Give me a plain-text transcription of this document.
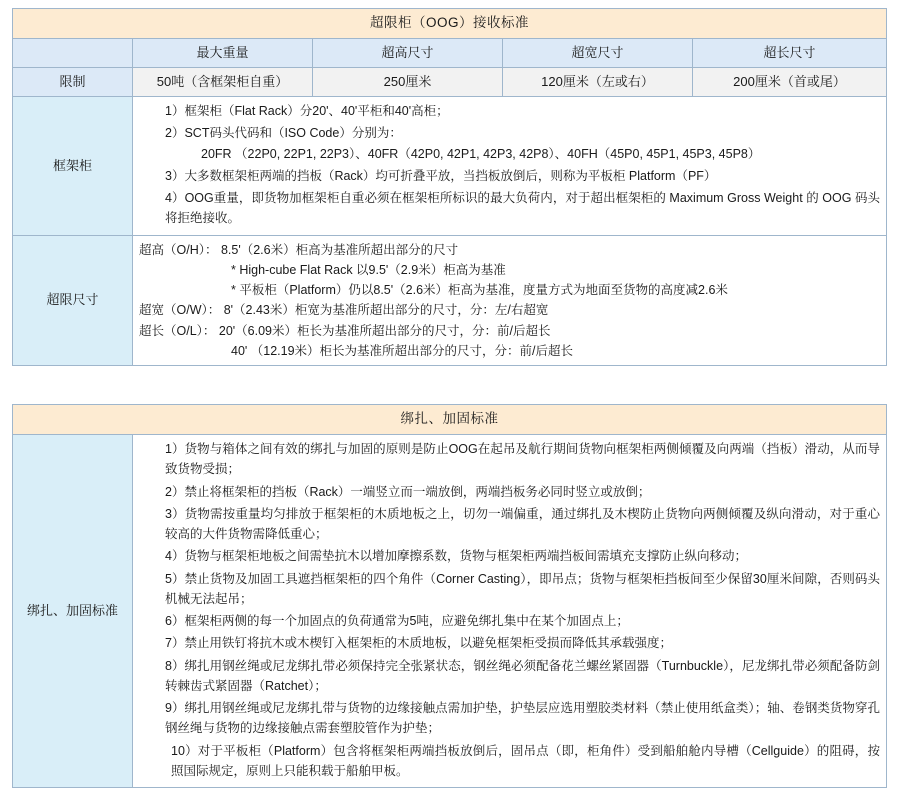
超限柜（OOG）接收标准				
	最大重量	超高尺寸	超宽尺寸	超长尺寸
限制	50吨（含框架柜自重）	250厘米	120厘米（左或右）	200厘米（首或尾）
框架柜	
1）框架柜（Flat Rack）分20'、40'平柜和40'高柜；
2）SCT码头代码和（ISO Code）分别为：
20FR （22P0, 22P1, 22P3）、40FR（42P0, 42P1, 42P3, 42P8）、40FH（45P0, 45P1, 45P3, 45P8）
3）大多数框架柜两端的挡板（Rack）均可折叠平放，当挡板放倒后，则称为平板柜 Platform（PF）
4）OOG重量，即货物加框架柜自重必须在框架柜所标识的最大负荷内，对于超出框架柜的 Maximum Gross Weight 的 OOG 码头将拒绝接收。

超限尺寸	
超高（O/H）： 8.5'（2.6米）柜高为基准所超出部分的尺寸
* High-cube Flat Rack 以9.5'（2.9米）柜高为基准
* 平板柜（Platform）仍以8.5'（2.6米）柜高为基准，度量方式为地面至货物的高度减2.6米
超宽（O/W）： 8'（2.43米）柜宽为基准所超出部分的尺寸，分：左/右超宽
超长（O/L）： 20'（6.09米）柜长为基准所超出部分的尺寸，分：前/后超长
40' （12.19米）柜长为基准所超出部分的尺寸，分：前/后超长
绑扎、加固标准
绑扎、加固标准	
1）货物与箱体之间有效的绑扎与加固的原则是防止OOG在起吊及航行期间货物向框架柜两侧倾覆及向两端（挡板）滑动，从而导致货物受损；
2）禁止将框架柜的挡板（Rack）一端竖立而一端放倒，两端挡板务必同时竖立或放倒；
3）货物需按重量均匀排放于框架柜的木质地板之上，切勿一端偏重，通过绑扎及木楔防止货物向两侧倾覆及纵向滑动，对于重心较高的大件货物需降低重心；
4）货物与框架柜地板之间需垫抗木以增加摩擦系数，货物与框架柜两端挡板间需填充支撑防止纵向移动；
5）禁止货物及加固工具遮挡框架柜的四个角件（Corner Casting），即吊点；货物与框架柜挡板间至少保留30厘米间隙，否则码头机械无法起吊；
6）框架柜两侧的每一个加固点的负荷通常为5吨，应避免绑扎集中在某个加固点上；
7）禁止用铁钉将抗木或木楔钉入框架柜的木质地板，以避免框架柜受损而降低其承载强度；
8）绑扎用钢丝绳或尼龙绑扎带必须保持完全张紧状态，钢丝绳必须配备花兰螺丝紧固器（Turnbuckle），尼龙绑扎带必须配备防剑转棘齿式紧固器（Ratchet）；
9）绑扎用钢丝绳或尼龙绑扎带与货物的边缘接触点需加护垫，护垫层应选用塑胶类材料（禁止使用纸盒类）；轴、卷钢类货物穿孔钢丝绳与货物的边缘接触点需套塑胶管作为护垫；
10）对于平板柜（Platform）包含将框架柜两端挡板放倒后，固吊点（即，柜角件）受到船舶舱内导槽（Cellguide）的阻碍，按照国际规定，原则上只能积载于船舶甲板。
